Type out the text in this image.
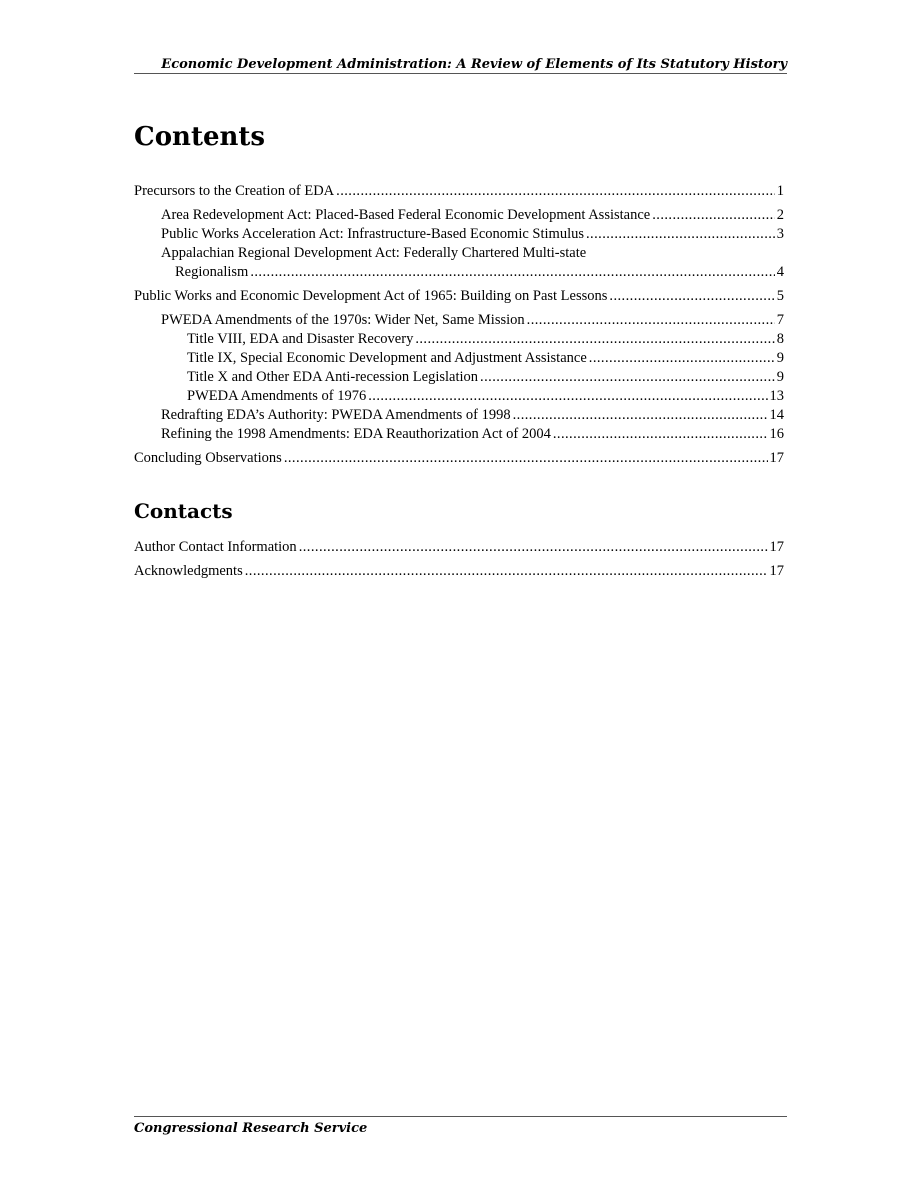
Economic Development Administration: A Review of Elements of Its Statutory History
Contents
Precursors to the Creation of EDA . . .	1
Area Redevelopment Act: Placed-Based Federal Economic Development Assistance . . .	2
Public Works Acceleration Act: Infrastructure-Based Economic Stimulus . . .	3
Appalachian Regional Development Act: Federally Chartered Multi-state
Regionalism . . .	4
Public Works and Economic Development Act of 1965: Building on Past Lessons . . .	5
PWEDA Amendments of the 1970s: Wider Net, Same Mission . . .	7
Title VIII, EDA and Disaster Recovery . . .	8
Title IX, Special Economic Development and Adjustment Assistance . . .	9
Title X and Other EDA Anti-recession Legislation . . .	9
PWEDA Amendments of 1976 . . .	13
Redrafting EDA’s Authority: PWEDA Amendments of 1998 . . .	14
Refining the 1998 Amendments: EDA Reauthorization Act of 2004 . . .	16
Concluding Observations . . .	17
Contacts
Author Contact Information . . .	17
Acknowledgments . . .	17
Congressional Research Service
